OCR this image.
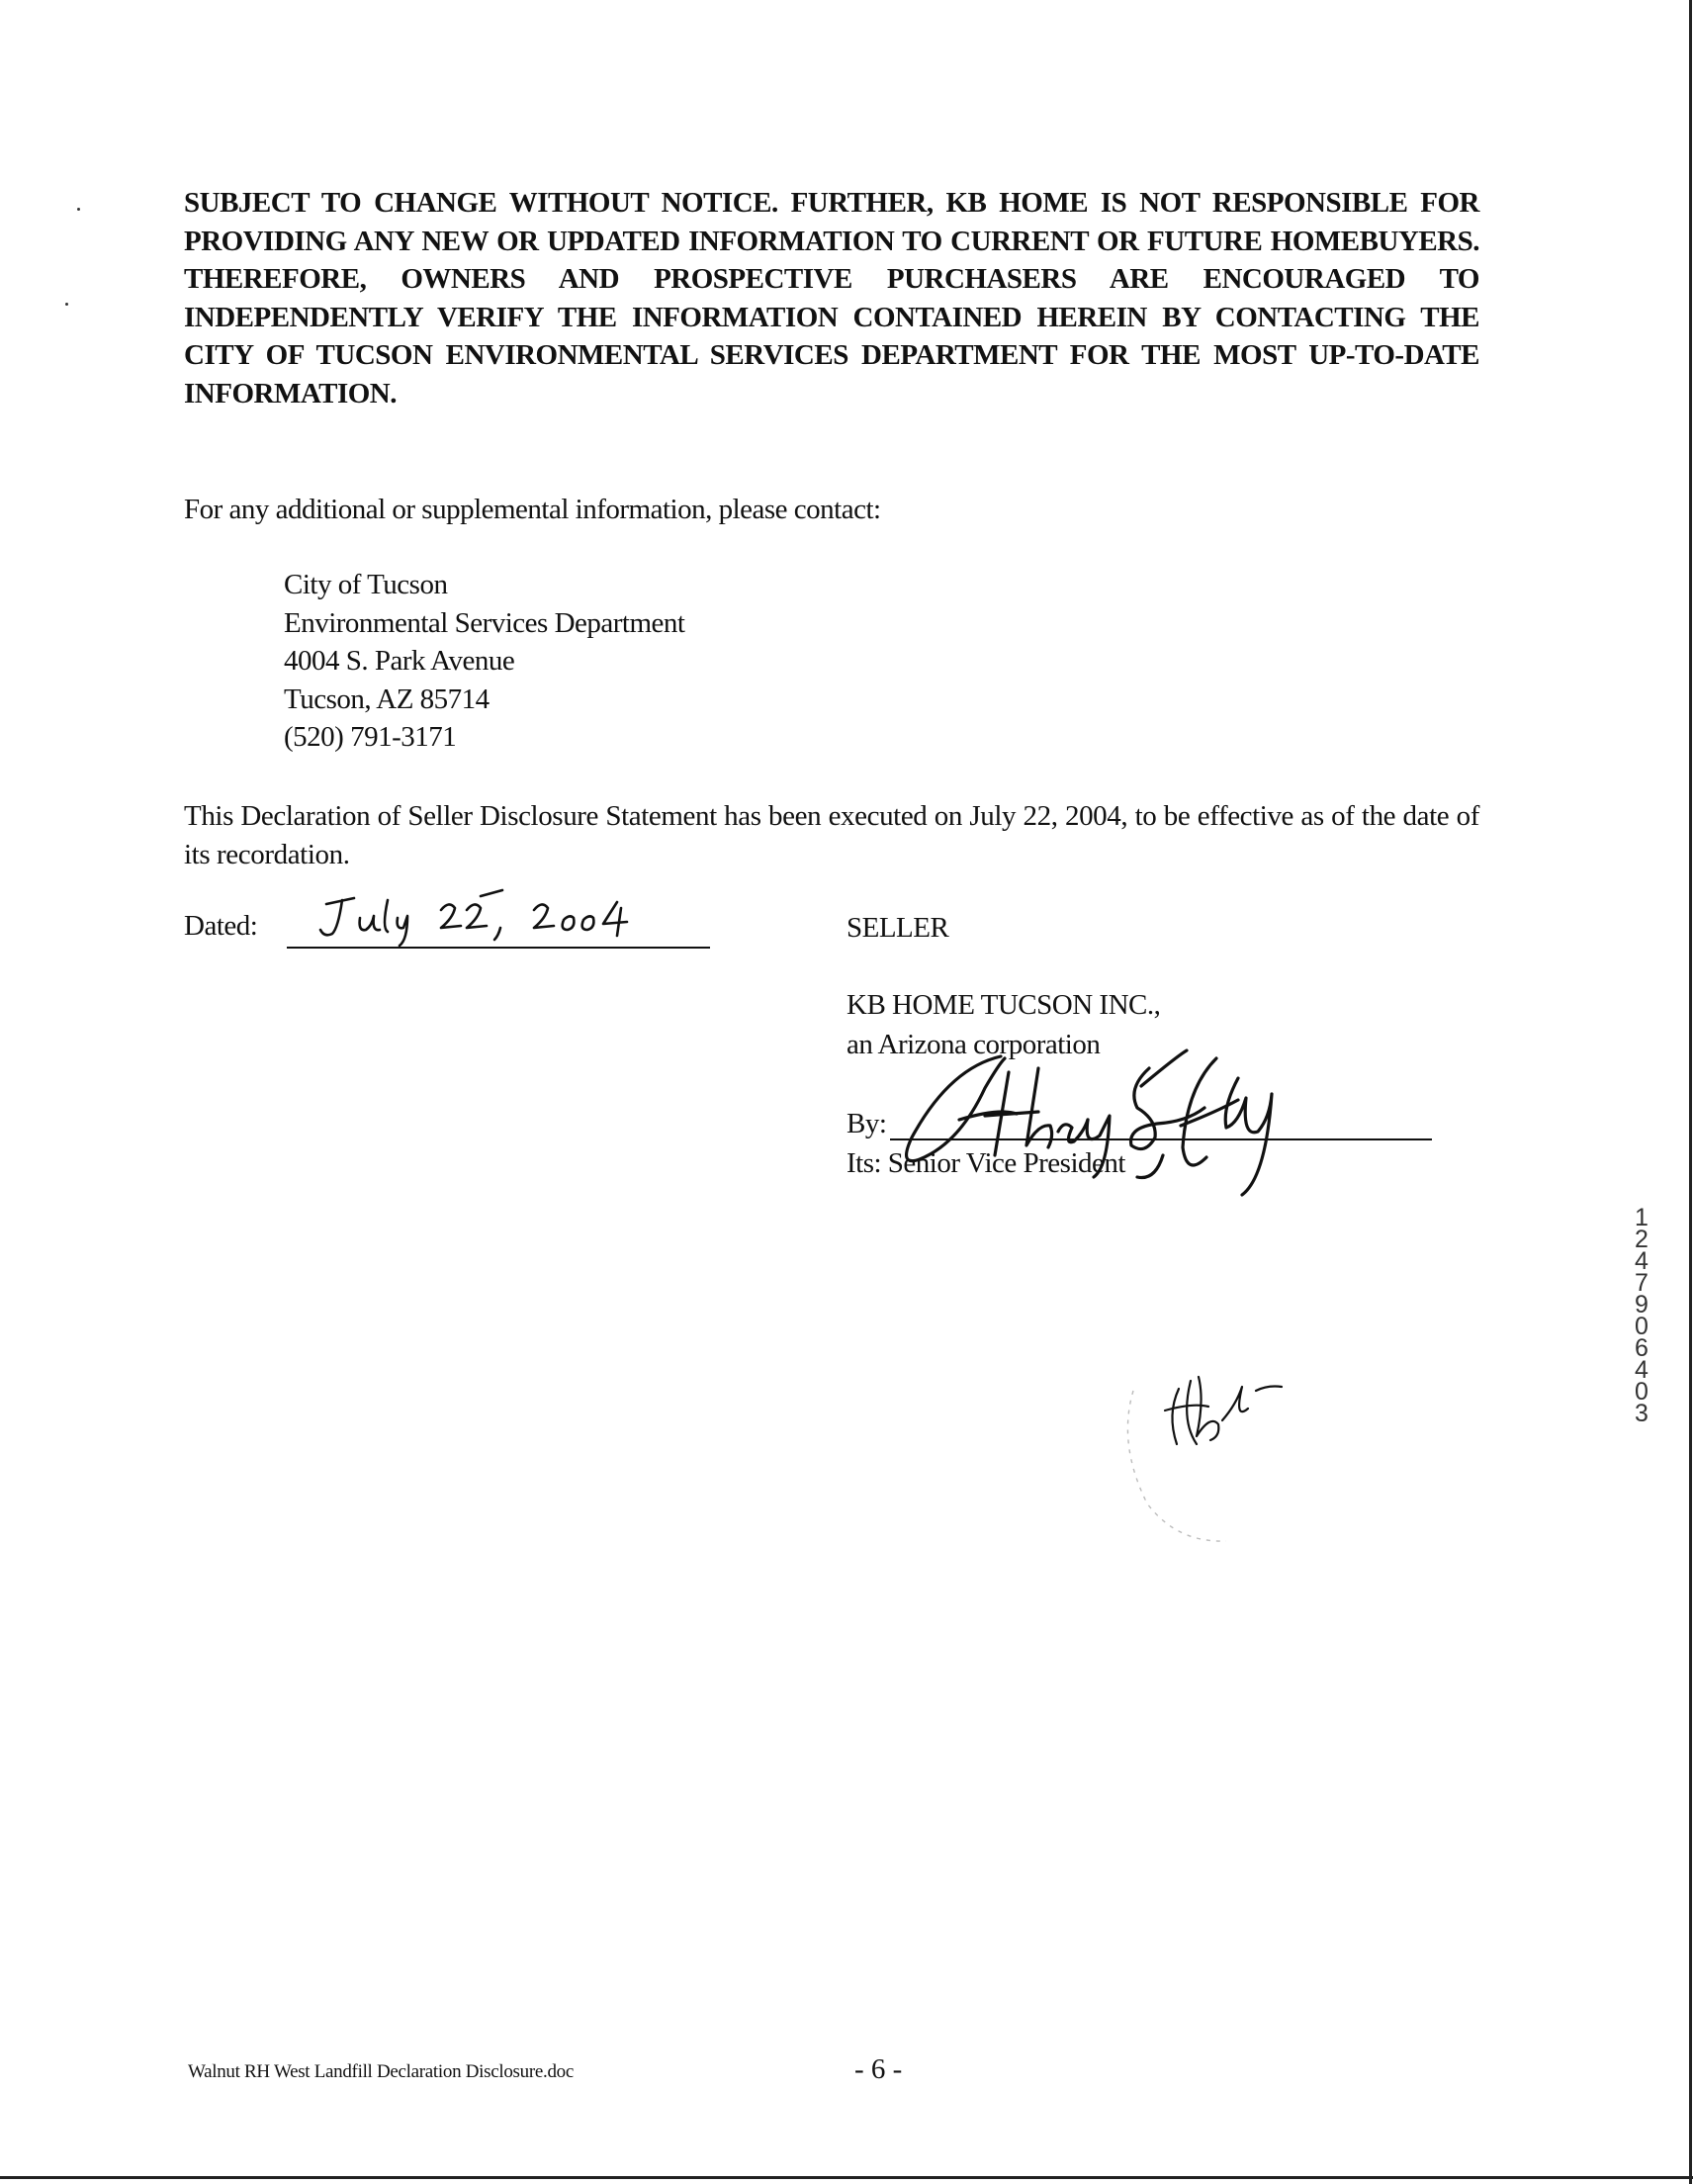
SUBJECT TO CHANGE WITHOUT NOTICE. FURTHER, KB HOME IS NOT RESPONSIBLE FOR PROVIDING ANY NEW OR UPDATED INFORMATION TO CURRENT OR FUTURE HOMEBUYERS. THEREFORE, OWNERS AND PROSPECTIVE PURCHASERS ARE ENCOURAGED TO INDEPENDENTLY VERIFY THE INFORMATION CONTAINED HEREIN BY CONTACTING THE CITY OF TUCSON ENVIRONMENTAL SERVICES DEPARTMENT FOR THE MOST UP-TO-DATE INFORMATION.
For any additional or supplemental information, please contact:
City of Tucson
Environmental Services Department
4004 S. Park Avenue
Tucson, AZ 85714
(520) 791-3171
This Declaration of Seller Disclosure Statement has been executed on July 22, 2004, to be effective as of the date of its recordation.
Dated:	SELLER
KB HOME TUCSON INC.,
an Arizona corporation
By:
Its: Senior Vice President
12479 06403
Walnut RH West Landfill Declaration Disclosure.doc	- 6 -
